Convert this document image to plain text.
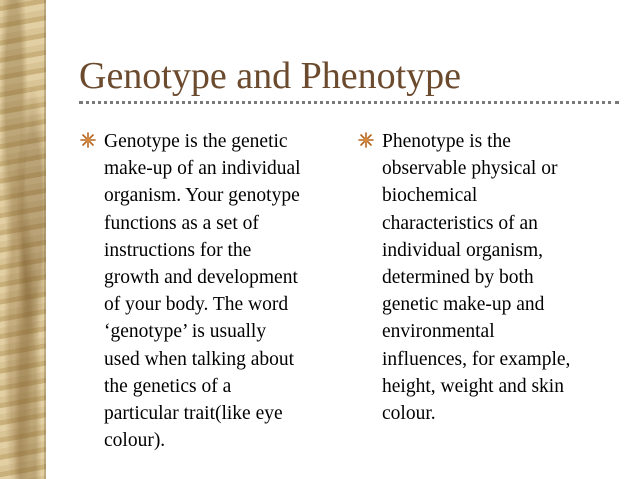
Genotype and Phenotype
Genotype is the genetic
make-up of an individual
organism. Your genotype
functions as a set of
instructions for the
growth and development
of your body. The word
‘genotype’ is usually
used when talking about
the genetics of a
particular trait(like eye
colour).
Phenotype is the
observable physical or
biochemical
characteristics of an
individual organism,
determined by both
genetic make-up and
environmental
influences, for example,
height, weight and skin
colour.
